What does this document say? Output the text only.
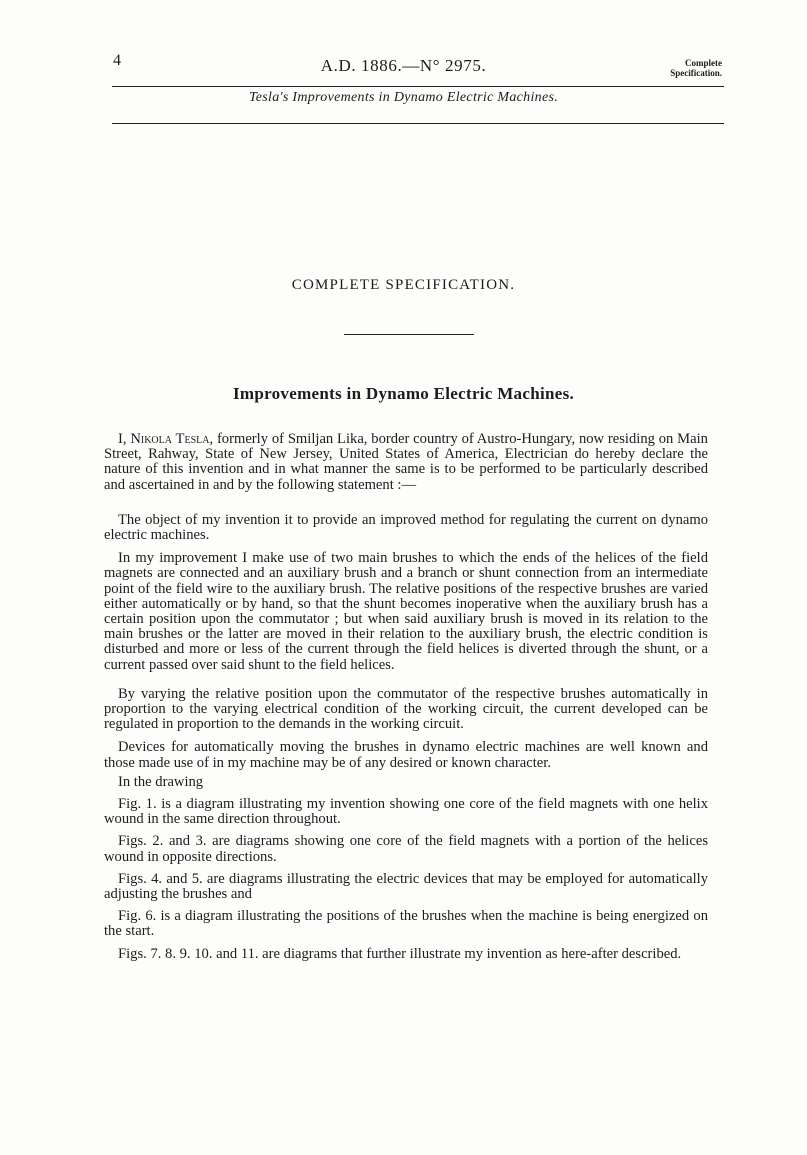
4	A.D. 1886.—N° 2975.	Complete
Specification.
Tesla's Improvements in Dynamo Electric Machines.
COMPLETE SPECIFICATION.
Improvements in Dynamo Electric Machines.

I, Nikola Tesla, formerly of Smiljan Lika, border country of Austro-Hungary, now residing on Main Street, Rahway, State of New Jersey, United States of America, Electrician do hereby declare the nature of this invention and in what manner the same is to be performed to be particularly described and ascertained in and by the following statement :—

The object of my invention it to provide an improved method for regulating the current on dynamo electric machines.

In my improvement I make use of two main brushes to which the ends of the helices of the field magnets are connected and an auxiliary brush and a branch or shunt connection from an intermediate point of the field wire to the auxiliary brush. The relative positions of the respective brushes are varied either automatically or by hand, so that the shunt becomes inoperative when the auxiliary brush has a certain position upon the commutator ; but when said auxiliary brush is moved in its relation to the main brushes or the latter are moved in their relation to the auxiliary brush, the electric condition is disturbed and more or less of the current through the field helices is diverted through the shunt, or a current passed over said shunt to the field helices.

By varying the relative position upon the commutator of the respective brushes automatically in proportion to the varying electrical condition of the working circuit, the current developed can be regulated in proportion to the demands in the working circuit.

Devices for automatically moving the brushes in dynamo electric machines are well known and those made use of in my machine may be of any desired or known character.

In the drawing

Fig. 1. is a diagram illustrating my invention showing one core of the field magnets with one helix wound in the same direction throughout.

Figs. 2. and 3. are diagrams showing one core of the field magnets with a portion of the helices wound in opposite directions.

Figs. 4. and 5. are diagrams illustrating the electric devices that may be employed for automatically adjusting the brushes and

Fig. 6. is a diagram illustrating the positions of the brushes when the machine is being energized on the start.

Figs. 7. 8. 9. 10. and 11. are diagrams that further illustrate my invention as here-after described.
